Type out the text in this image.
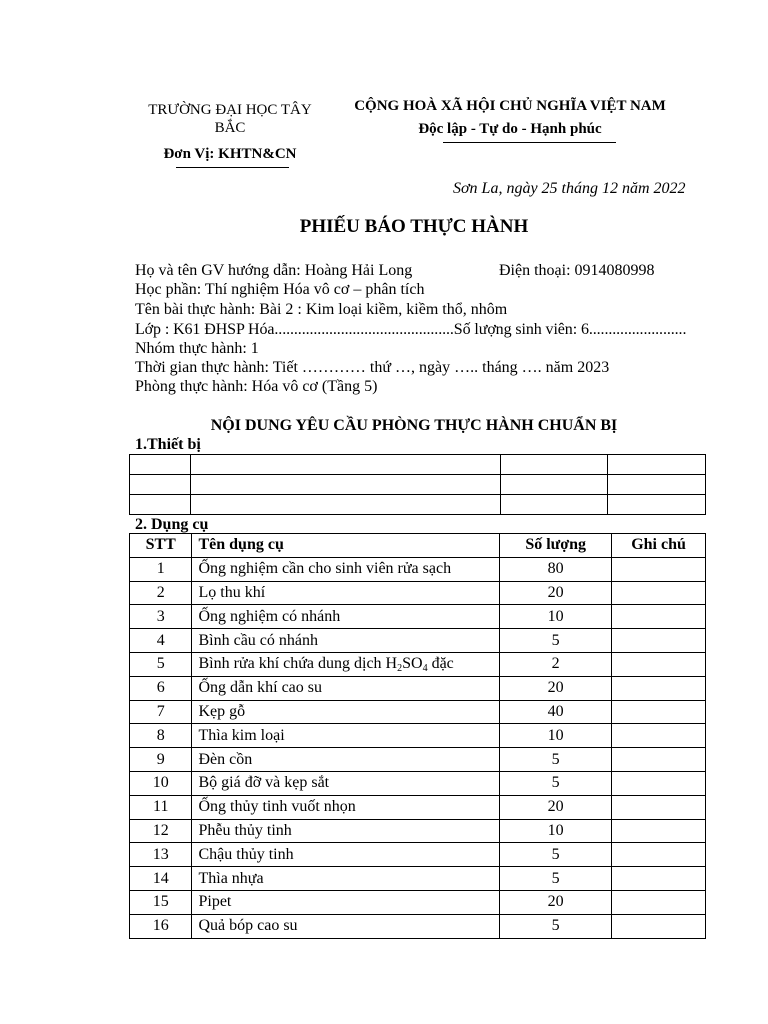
TRƯỜNG ĐẠI HỌC TÂY
BẮC
Đơn Vị: KHTN&CN
CỘNG HOÀ XÃ HỘI CHỦ NGHĨA VIỆT NAM
Độc lập - Tự do - Hạnh phúc
Sơn La, ngày 25 tháng 12 năm 2022
PHIẾU BÁO THỰC HÀNH
Họ và tên GV hướng dẫn: Hoàng Hải Long	Điện thoại: 0914080998
Học phần: Thí nghiệm Hóa vô cơ – phân tích
Tên bài thực hành: Bài 2 : Kim loại kiềm, kiềm thổ, nhôm
Lớp : K61 ĐHSP Hóa..............................................Số lượng sinh viên: 6.........................
Nhóm thực hành: 1
Thời gian thực hành: Tiết ………… thứ …, ngày ….. tháng …. năm 2023
Phòng thực hành: Hóa vô cơ (Tầng 5)
NỘI DUNG YÊU CẦU PHÒNG THỰC HÀNH CHUẨN BỊ
1.Thiết bị

2. Dụng cụ
STT	Tên dụng cụ	Số lượng	Ghi chú
1	Ống nghiệm cần cho sinh viên rửa sạch	80	
2	Lọ thu khí	20	
3	Ống nghiệm có nhánh	10	
4	Bình cầu có nhánh	5	
5	Bình rửa khí chứa dung dịch $H_2SO_4$ đặc	2	
6	Ống dẫn khí cao su	20	
7	Kẹp gỗ	40	
8	Thìa kim loại	10	
9	Đèn cồn	5	
10	Bộ giá đỡ và kẹp sắt	5	
11	Ống thủy tinh vuốt nhọn	20	
12	Phễu thủy tinh	10	
13	Chậu thủy tinh	5	
14	Thìa nhựa	5	
15	Pipet	20	
16	Quả bóp cao su	5	
